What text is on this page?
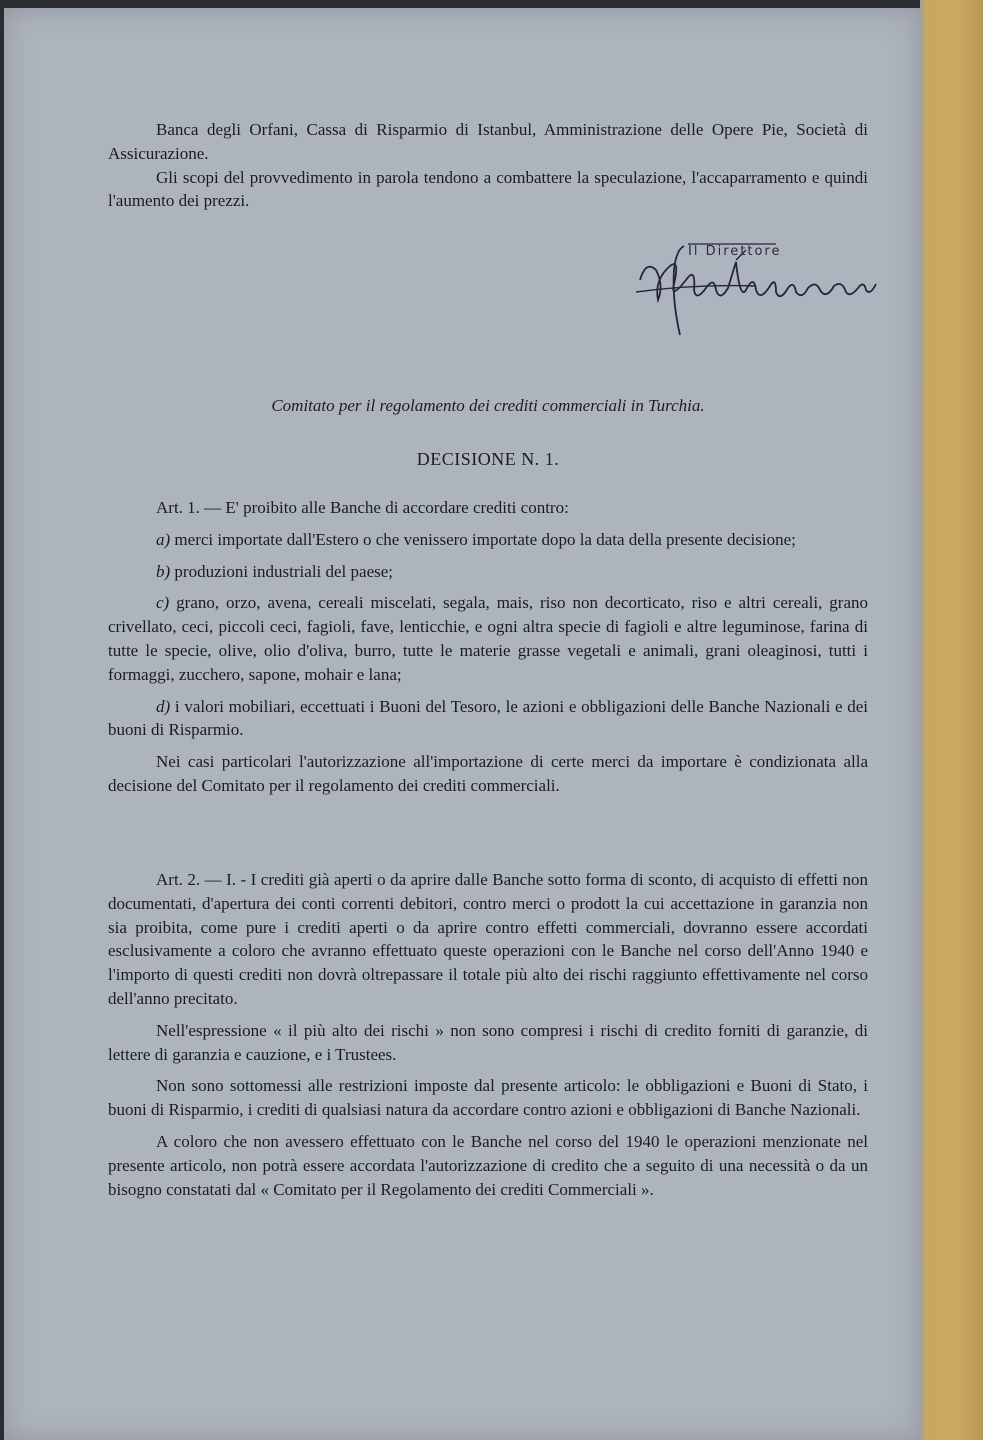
Banca degli Orfani, Cassa di Risparmio di Istanbul, Amministrazione delle Opere Pie, Società di Assicurazione.

Gli scopi del provvedimento in parola tendono a combattere la speculazione, l'accaparramento e quindi l'aumento dei prezzi.

Il Direttore

Comitato per il regolamento dei crediti commerciali in Turchia.

DECISIONE N. 1.

Art. 1. — E' proibito alle Banche di accordare crediti contro:

a) merci importate dall'Estero o che venissero importate dopo la data della presente decisione;

b) produzioni industriali del paese;

c) grano, orzo, avena, cereali miscelati, segala, mais, riso non decorticato, riso e altri cereali, grano crivellato, ceci, piccoli ceci, fagioli, fave, lenticchie, e ogni altra specie di fagioli e altre leguminose, farina di tutte le specie, olive, olio d'oliva, burro, tutte le materie grasse vegetali e animali, grani oleaginosi, tutti i formaggi, zucchero, sapone, mohair e lana;

d) i valori mobiliari, eccettuati i Buoni del Tesoro, le azioni e obbligazioni delle Banche Nazionali e dei buoni di Risparmio.

Nei casi particolari l'autorizzazione all'importazione di certe merci da importare è condizionata alla decisione del Comitato per il regolamento dei crediti commerciali.

Art. 2. — I. - I crediti già aperti o da aprire dalle Banche sotto forma di sconto, di acquisto di effetti non documentati, d'apertura dei conti correnti debitori, contro merci o prodott la cui accettazione in garanzia non sia proibita, come pure i crediti aperti o da aprire contro effetti commerciali, dovranno essere accordati esclusivamente a coloro che avranno effettuato queste operazioni con le Banche nel corso dell'Anno 1940 e l'importo di questi crediti non dovrà oltrepassare il totale più alto dei rischi raggiunto effettivamente nel corso dell'anno precitato.

Nell'espressione « il più alto dei rischi » non sono compresi i rischi di credito forniti di garanzie, di lettere di garanzia e cauzione, e i Trustees.

Non sono sottomessi alle restrizioni imposte dal presente articolo: le obbligazioni e Buoni di Stato, i buoni di Risparmio, i crediti di qualsiasi natura da accordare contro azioni e obbligazioni di Banche Nazionali.

A coloro che non avessero effettuato con le Banche nel corso del 1940 le operazioni menzionate nel presente articolo, non potrà essere accordata l'autorizzazione di credito che a seguito di una necessità o da un bisogno constatati dal « Comitato per il Regolamento dei crediti Commerciali ».
